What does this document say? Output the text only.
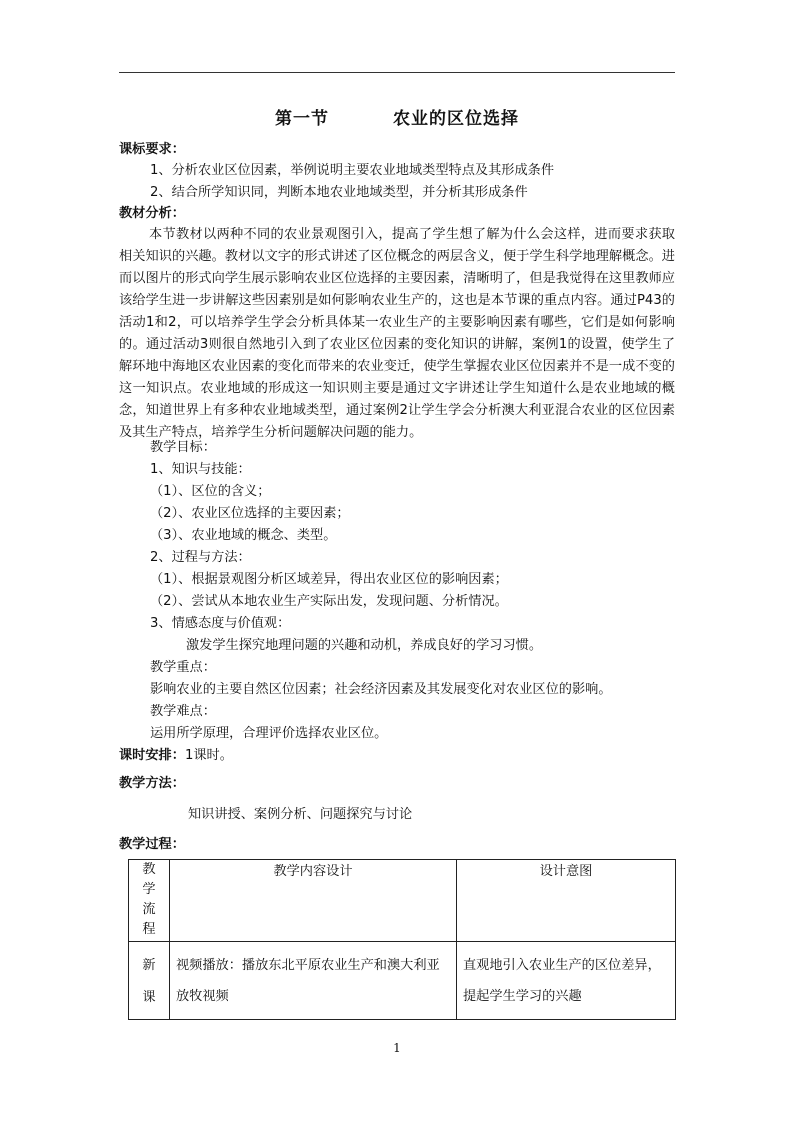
第一节	农业的区位选择
课标要求：
1、分析农业区位因素，举例说明主要农业地域类型特点及其形成条件
2、结合所学知识同，判断本地农业地域类型，并分析其形成条件
教材分析：
本节教材以两种不同的农业景观图引入，提高了学生想了解为什么会这样，进而要求获取相关知识的兴趣。教材以文字的形式讲述了区位概念的两层含义，便于学生科学地理解概念。进而以图片的形式向学生展示影响农业区位选择的主要因素，清晰明了，但是我觉得在这里教师应该给学生进一步讲解这些因素别是如何影响农业生产的，这也是本节课的重点内容。通过P43的活动1和2，可以培养学生学会分析具体某一农业生产的主要影响因素有哪些，它们是如何影响的。通过活动3则很自然地引入到了农业区位因素的变化知识的讲解，案例1的设置，使学生了解环地中海地区农业因素的变化而带来的农业变迁，使学生掌握农业区位因素并不是一成不变的这一知识点。农业地域的形成这一知识则主要是通过文字讲述让学生知道什么是农业地域的概念，知道世界上有多种农业地域类型，通过案例2让学生学会分析澳大利亚混合农业的区位因素及其生产特点，培养学生分析问题解决问题的能力。
教学目标：
1、知识与技能：
（1）、区位的含义；
（2）、农业区位选择的主要因素；
（3）、农业地域的概念、类型。
2、过程与方法：
（1）、根据景观图分析区域差异，得出农业区位的影响因素；
（2）、尝试从本地农业生产实际出发，发现问题、分析情况。
3、情感态度与价值观：
激发学生探究地理问题的兴趣和动机，养成良好的学习习惯。
教学重点：
影响农业的主要自然区位因素；社会经济因素及其发展变化对农业区位的影响。
教学难点：
运用所学原理，合理评价选择农业区位。
课时安排：1课时。
教学方法：
知识讲授、案例分析、问题探究与讨论
教学过程：
教
学
流
程	教学内容设计	设计意图

新
课	视频播放：播放东北平原农业生产和澳大利亚放牧视频	直观地引入农业生产的区位差异，提起学生学习的兴趣
1
